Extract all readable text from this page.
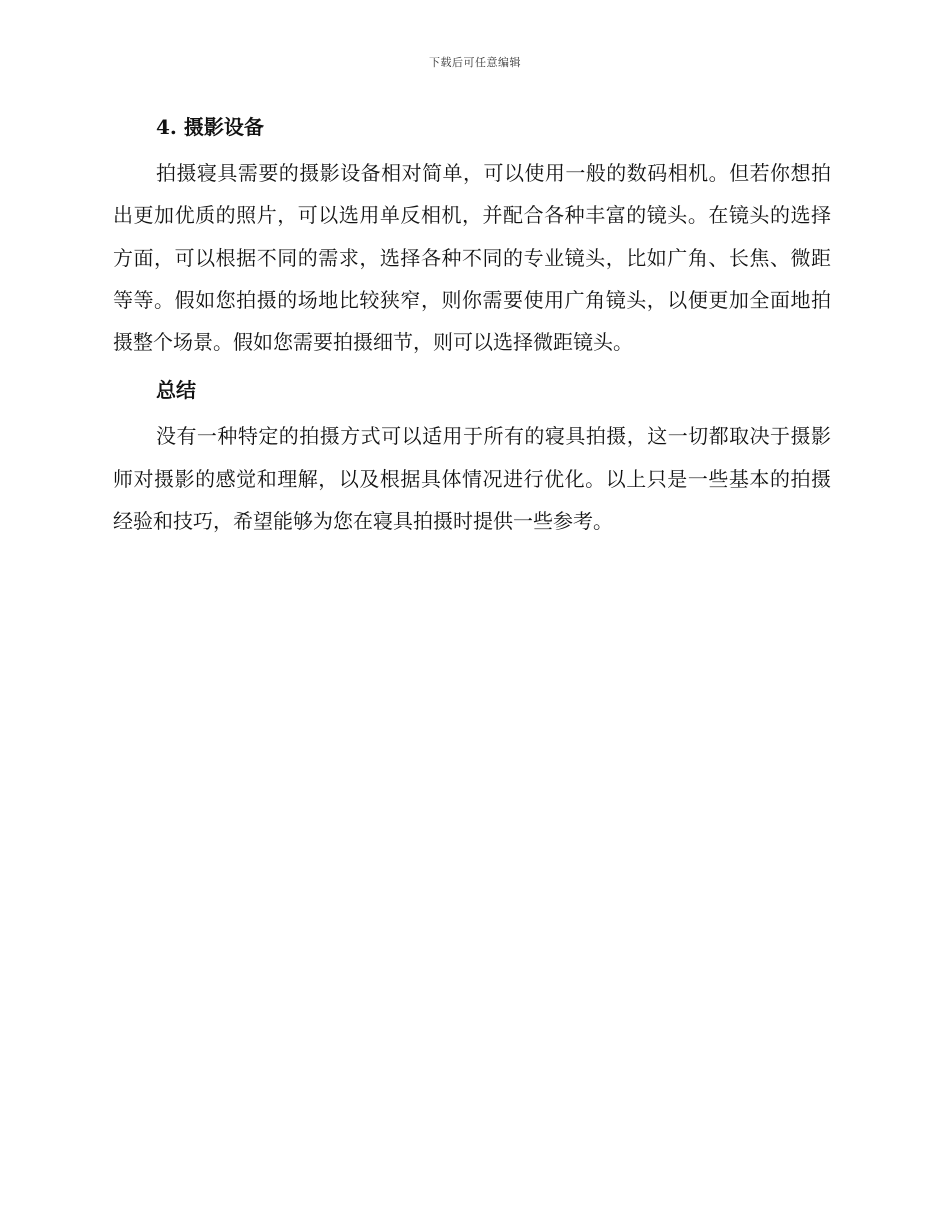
下载后可任意编辑
4. 摄影设备

拍摄寝具需要的摄影设备相对简单，可以使用一般的数码相机。但若你想拍出更加优质的照片，可以选用单反相机，并配合各种丰富的镜头。在镜头的选择方面，可以根据不同的需求，选择各种不同的专业镜头，比如广角、长焦、微距等等。假如您拍摄的场地比较狭窄，则你需要使用广角镜头，以便更加全面地拍摄整个场景。假如您需要拍摄细节，则可以选择微距镜头。

总结

没有一种特定的拍摄方式可以适用于所有的寝具拍摄，这一切都取决于摄影师对摄影的感觉和理解，以及根据具体情况进行优化。以上只是一些基本的拍摄经验和技巧，希望能够为您在寝具拍摄时提供一些参考。
